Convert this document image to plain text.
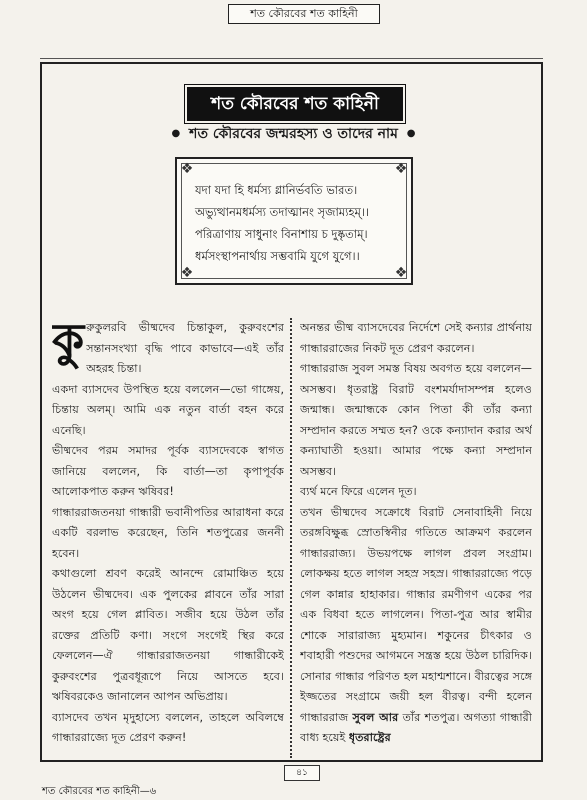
শত কৌরবের শত কাহিনী
শত কৌরবের শত কাহিনী
● শত কৌরবের জন্মরহস্য ও তাদের নাম ●
❖	❖
❖	❖
যদা যদা হি ধর্মস্য গ্লানির্ভবতি ভারত।
অভ্যুত্থানমধর্মস্য তদাত্মানং সৃজাম্যহম্।।
পরিত্রাণায় সাধুনাং বিনাশায় চ দুষ্কৃতাম্।
ধর্মসংস্থাপনার্থায় সম্ভবামি যুগে যুগে।।

কুরুকুলরবি ভীষ্মদেব চিন্তাকুল, কুরুবংশের সন্তানসংখ্যা বৃদ্ধি পাবে কাভাবে—এই তাঁর অহরহ চিন্তা।

একদা ব্যাসদেব উপস্থিত হয়ে বললেন—ভো গাঙ্গেয়, চিন্তায় অলম্। আমি এক নতুন বার্তা বহন করে এনেছি।

ভীষ্মদেব পরম সমাদর পূর্বক ব্যাসদেবকে স্বাগত জানিয়ে বললেন, কি বার্তা—তা কৃপাপূর্বক আলোকপাত করুন ঋষিবর!

গান্ধাররাজতনয়া গান্ধারী ভবানীপতির আরাধনা করে একটি বরলাভ করেছেন, তিনি শতপুত্রের জননী হবেন।

কথাগুলো শ্রবণ করেই আনন্দে রোমাঞ্চিত হয়ে উঠলেন ভীষ্মদেব। এক পুলকের প্লাবনে তাঁর সারা অংগ হয়ে গেল প্লাবিত। সজীব হয়ে উঠল তাঁর রক্তের প্রতিটি কণা। সংগে সংগেই স্থির করে ফেললেন—ঐ গান্ধাররাজতনয়া গান্ধারীকেই কুরুবংশের পুত্রবধূরূপে নিয়ে আসতে হবে। ঋষিবরকেও জানালেন আপন অভিপ্রায়।

ব্যাসদেব তখন মৃদুহাস্যে বললেন, তাহলে অবিলম্বে গান্ধাররাজ্যে দূত প্রেরণ করুন!

অনন্তর ভীষ্ম ব্যাসদেবের নির্দেশে সেই কন্যার প্রার্থনায় গান্ধাররাজের নিকট দূত প্রেরণ করলেন।

গান্ধাররাজ সুবল সমস্ত বিষয় অবগত হয়ে বললেন—অসম্ভব। ধৃতরাষ্ট্র বিরাট বংশমর্যাদাসম্পন্ন হলেও জন্মান্ধ। জন্মান্ধকে কোন পিতা কী তাঁর কন্যা সম্প্রদান করতে সম্মত হন? ওকে কন্যাদান করার অর্থ কন্যাঘাতী হওয়া। আমার পক্ষে কন্যা সম্প্রদান অসম্ভব।

ব্যর্থ মনে ফিরে এলেন দূত।

তখন ভীষ্মদেব সক্রোধে বিরাট সেনাবাহিনী নিয়ে তরঙ্গবিক্ষুব্ধ স্রোতস্বিনীর গতিতে আক্রমণ করলেন গান্ধাররাজ্য। উভয়পক্ষে লাগল প্রবল সংগ্রাম। লোকক্ষয় হতে লাগল সহস্র সহস্র। গান্ধাররাজ্যে পড়ে গেল কান্নার হাহাকার। গান্ধার রমণীগণ একের পর এক বিধবা হতে লাগলেন। পিতা-পুত্র আর স্বামীর শোকে সারারাজ্য মুহ্যমান। শকুনের চীৎকার ও শবাহারী পশুদের আগমনে সন্ত্রস্ত হয়ে উঠল চারিদিক। সোনার গান্ধার পরিণত হল মহাশ্মশানে। বীরত্বের সঙ্গে ইজ্জতের সংগ্রামে জয়ী হল বীরত্ব। বন্দী হলেন গান্ধাররাজ সুবল আর তাঁর শতপুত্র। অগত্যা গান্ধারী বাধ্য হয়েই ধৃতরাষ্ট্রের

৪১
শত কৌরবের শত কাহিনী—৬
